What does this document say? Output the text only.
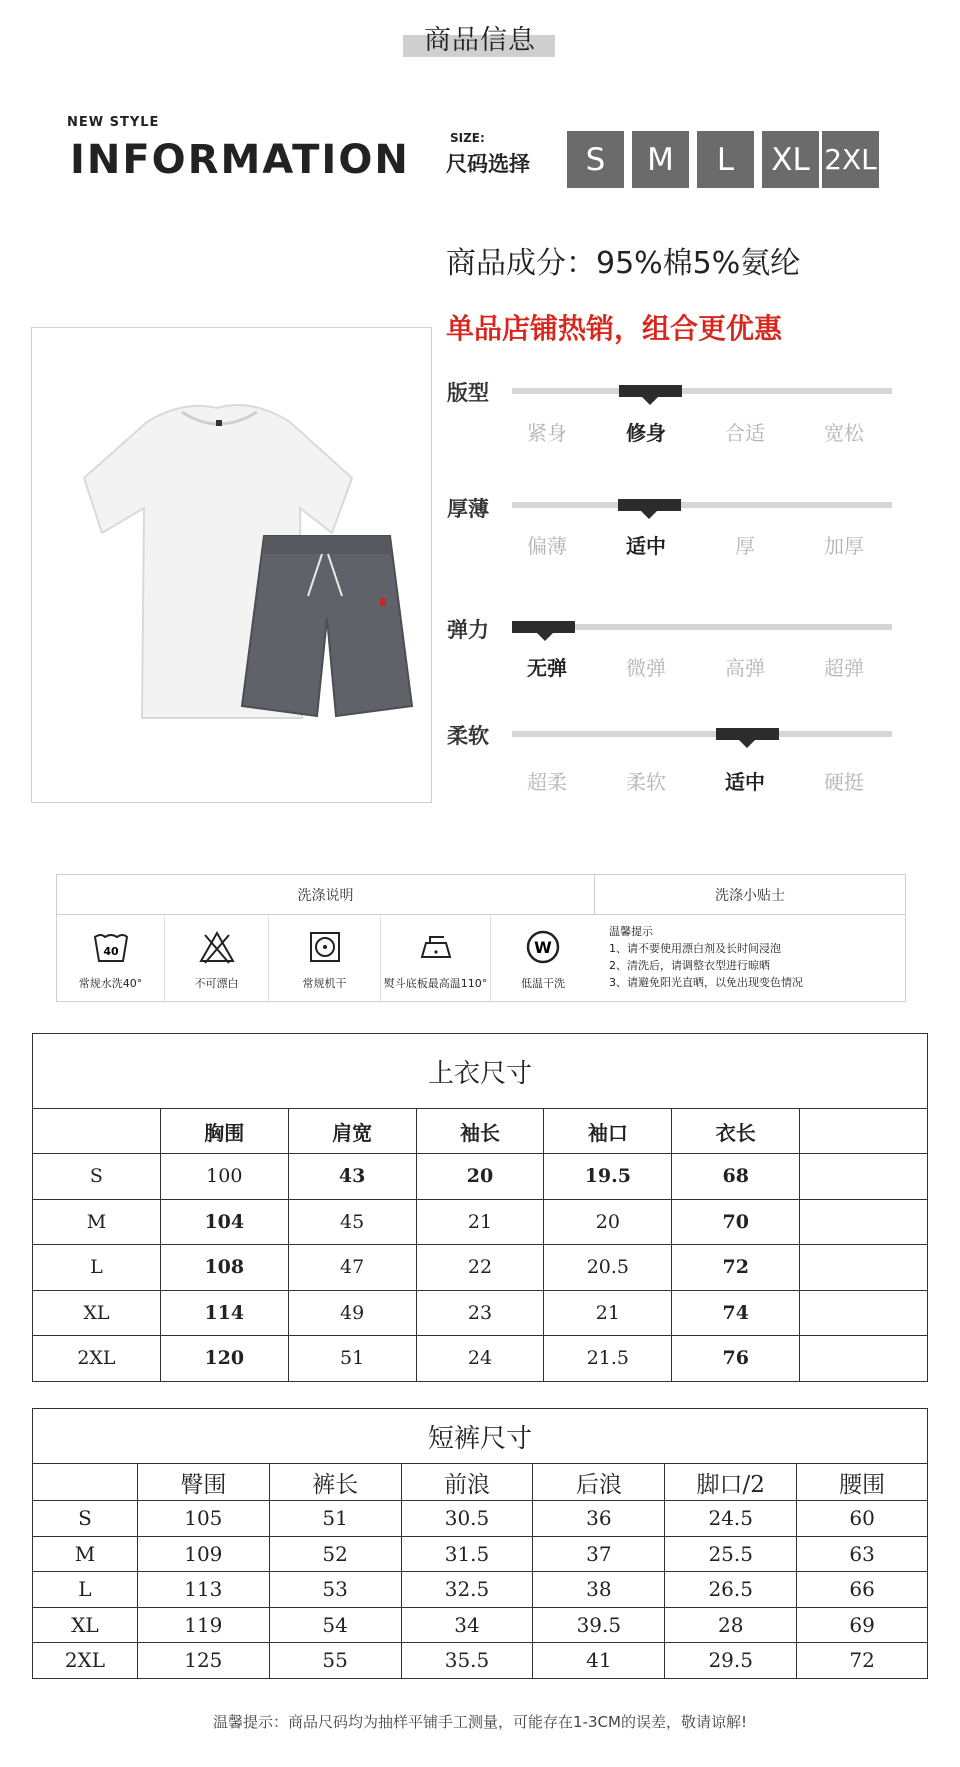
商品信息
NEW STYLE
INFORMATION	SIZE:
尺码选择	S	M	L	XL 2XL
商品成分：95%棉5%氨纶
单品店铺热销，组合更优惠
版型
紧身	修身	合适	宽松
厚薄
偏薄	适中	厚	加厚
弹力
无弹	微弹	高弹	超弹
柔软
超柔	柔软	适中	硬挺
洗涤说明	洗涤小贴士
40
常规水洗40°	不可漂白	常规机干	熨斗底板最高温110°
W
低温干洗
温馨提示
1、请不要使用漂白剂及长时间浸泡
2、清洗后，请调整衣型进行晾晒
3、请避免阳光直晒，以免出现变色情况
上衣尺寸						
	胸围	肩宽	袖长	袖口	衣长	
S	100	43	20	19.5	68	
M	104	45	21	20	70	
L	108	47	22	20.5	72	
XL	114	49	23	21	74	
2XL	120	51	24	21.5	76	
短裤尺寸						
	臀围	裤长	前浪	后浪	脚口/2	腰围
S	105	51	30.5	36	24.5	60
M	109	52	31.5	37	25.5	63
L	113	53	32.5	38	26.5	66
XL	119	54	34	39.5	28	69
2XL	125	55	35.5	41	29.5	72
温馨提示：商品尺码均为抽样平铺手工测量，可能存在1-3CM的误差，敬请谅解!
